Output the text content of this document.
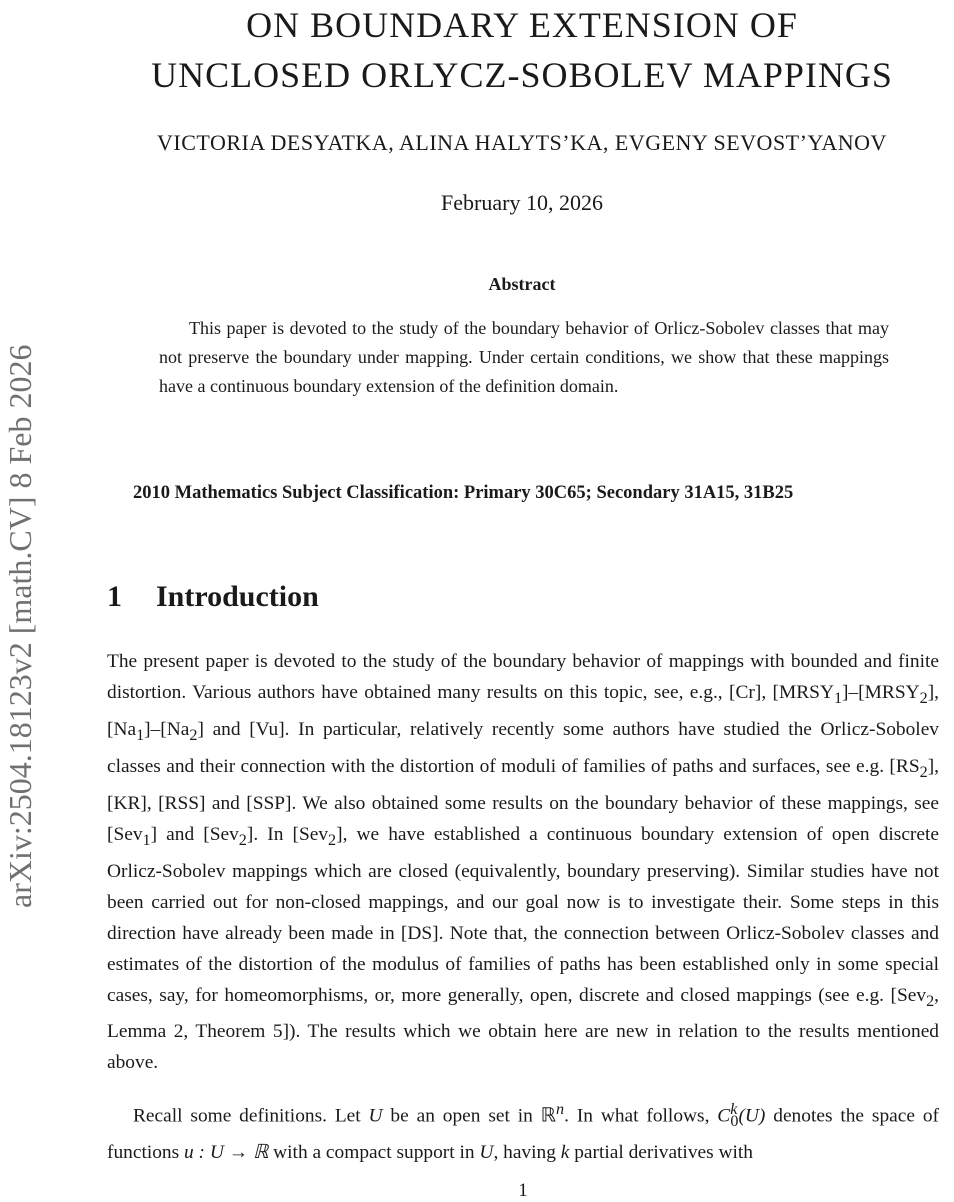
arXiv:2504.18123v2 [math.CV] 8 Feb 2026
ON BOUNDARY EXTENSION OF
UNCLOSED ORLYCZ-SOBOLEV MAPPINGS
VICTORIA DESYATKA, ALINA HALYTS’KA, EVGENY SEVOST’YANOV
February 10, 2026
Abstract

This paper is devoted to the study of the boundary behavior of Orlicz-Sobolev classes that may not preserve the boundary under mapping. Under certain conditions, we show that these mappings have a continuous boundary extension of the definition domain.

2010 Mathematics Subject Classification: Primary 30C65; Secondary 31A15, 31B25

1 Introduction

The present paper is devoted to the study of the boundary behavior of mappings with bounded and finite distortion. Various authors have obtained many results on this topic, see, e.g., [Cr], $[MRSY_1]-[MRSY_2]$, $[Na_1]-[Na_2]$ and [Vu]. In particular, relatively recently some authors have studied the Orlicz-Sobolev classes and their connection with the distortion of moduli of families of paths and surfaces, see e.g. $[RS_2]$, [KR], [RSS] and [SSP]. We also obtained some results on the boundary behavior of these mappings, see [Sev$_1$] and [Sev$_2$]. In [Sev$_2$], we have established a continuous boundary extension of open discrete Orlicz-Sobolev mappings which are closed (equivalently, boundary preserving). Similar studies have not been carried out for non-closed mappings, and our goal now is to investigate their. Some steps in this direction have already been made in [DS]. Note that, the connection between Orlicz-Sobolev classes and estimates of the distortion of the modulus of families of paths has been established only in some special cases, say, for homeomorphisms, or, more generally, open, discrete and closed mappings (see e.g. [Sev$_2$, Lemma 2, Theorem 5]). The results which we obtain here are new in relation to the results mentioned above.

Recall some definitions. Let U be an open set in ℝ$^n$. In what follows, $C^k_0(U)$ denotes the space of functions u : U → ℝ with a compact support in U, having k partial derivatives with

1
